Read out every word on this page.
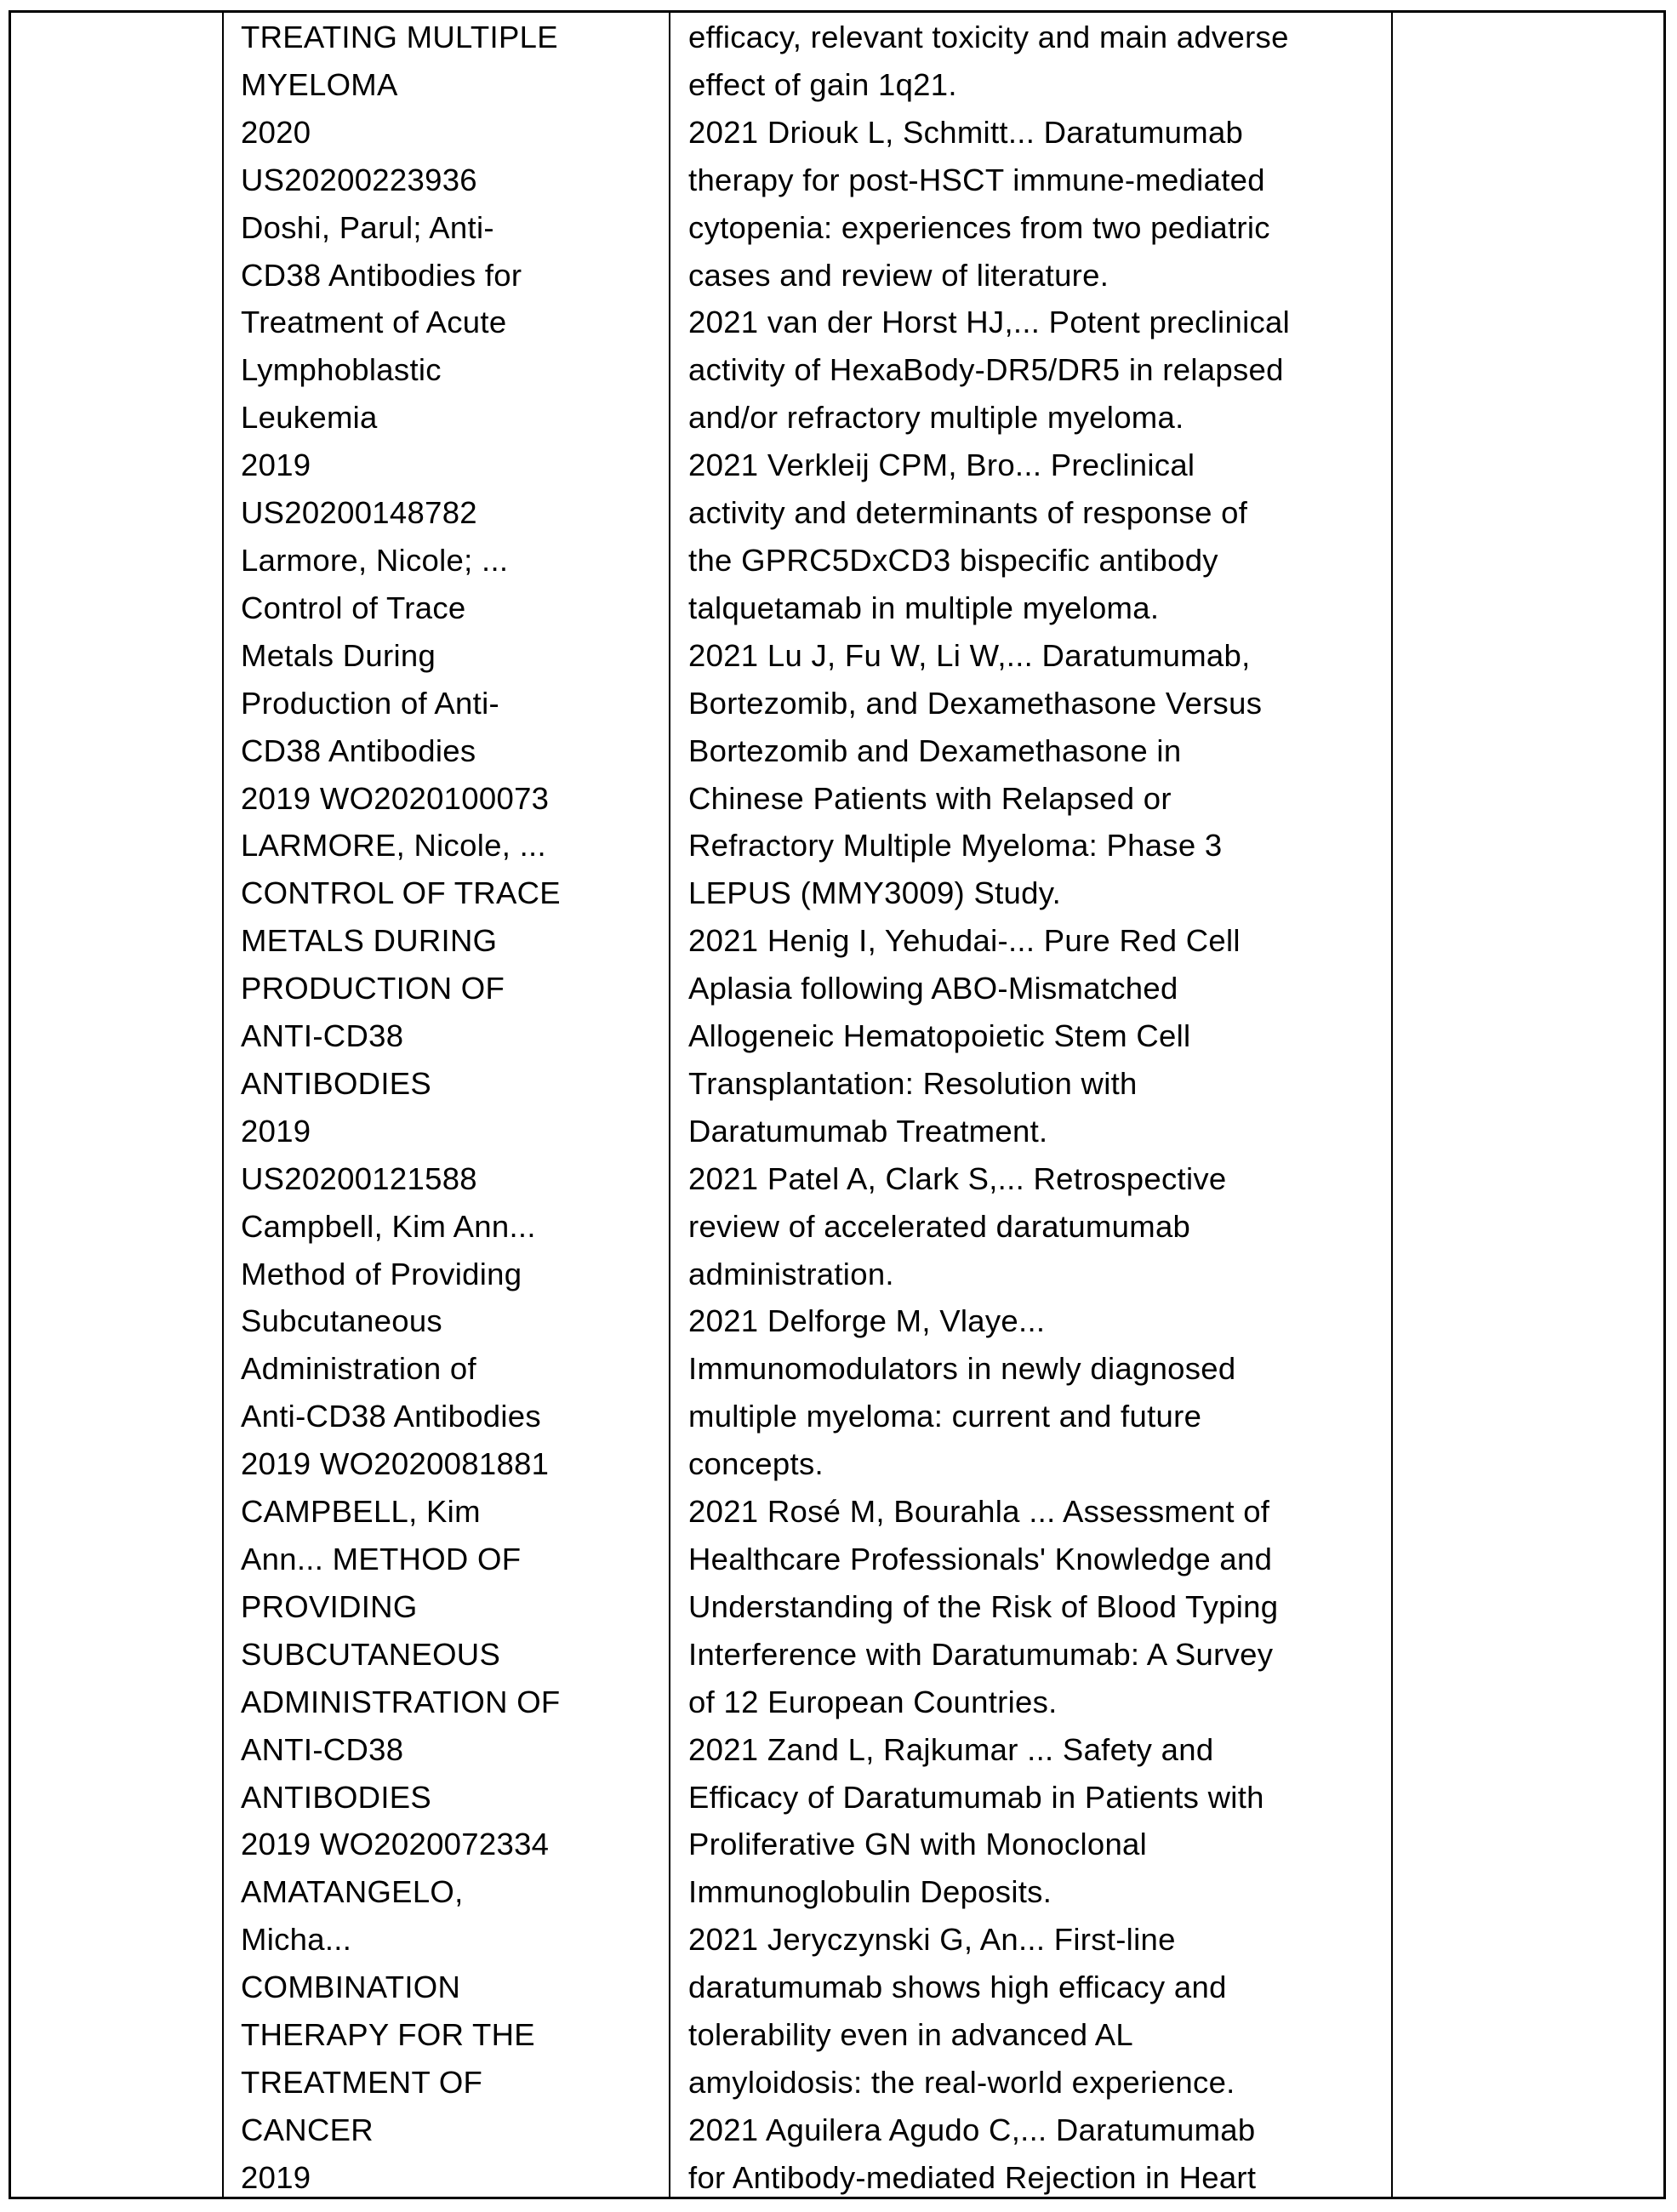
TREATING MULTIPLE
MYELOMA
2020
US20200223936
Doshi, Parul; Anti-
CD38 Antibodies for
Treatment of Acute
Lymphoblastic
Leukemia
2019
US20200148782
Larmore, Nicole; ...
Control of Trace
Metals During
Production of Anti-
CD38 Antibodies
2019 WO2020100073
LARMORE, Nicole, ...
CONTROL OF TRACE
METALS DURING
PRODUCTION OF
ANTI-CD38
ANTIBODIES
2019
US20200121588
Campbell, Kim Ann...
Method of Providing
Subcutaneous
Administration of
Anti-CD38 Antibodies
2019 WO2020081881
CAMPBELL, Kim
Ann... METHOD OF
PROVIDING
SUBCUTANEOUS
ADMINISTRATION OF
ANTI-CD38
ANTIBODIES
2019 WO2020072334
AMATANGELO,
Micha...
COMBINATION
THERAPY FOR THE
TREATMENT OF
CANCER
2019
efficacy, relevant toxicity and main adverse
effect of gain 1q21.
2021 Driouk L, Schmitt... Daratumumab
therapy for post-HSCT immune-mediated
cytopenia: experiences from two pediatric
cases and review of literature.
2021 van der Horst HJ,... Potent preclinical
activity of HexaBody-DR5/DR5 in relapsed
and/or refractory multiple myeloma.
2021 Verkleij CPM, Bro... Preclinical
activity and determinants of response of
the GPRC5DxCD3 bispecific antibody
talquetamab in multiple myeloma.
2021 Lu J, Fu W, Li W,... Daratumumab,
Bortezomib, and Dexamethasone Versus
Bortezomib and Dexamethasone in
Chinese Patients with Relapsed or
Refractory Multiple Myeloma: Phase 3
LEPUS (MMY3009) Study.
2021 Henig I, Yehudai-... Pure Red Cell
Aplasia following ABO-Mismatched
Allogeneic Hematopoietic Stem Cell
Transplantation: Resolution with
Daratumumab Treatment.
2021 Patel A, Clark S,... Retrospective
review of accelerated daratumumab
administration.
2021 Delforge M, Vlaye...
Immunomodulators in newly diagnosed
multiple myeloma: current and future
concepts.
2021 Rosé M, Bourahla ... Assessment of
Healthcare Professionals' Knowledge and
Understanding of the Risk of Blood Typing
Interference with Daratumumab: A Survey
of 12 European Countries.
2021 Zand L, Rajkumar ... Safety and
Efficacy of Daratumumab in Patients with
Proliferative GN with Monoclonal
Immunoglobulin Deposits.
2021 Jeryczynski G, An... First-line
daratumumab shows high efficacy and
tolerability even in advanced AL
amyloidosis: the real-world experience.
2021 Aguilera Agudo C,... Daratumumab
for Antibody-mediated Rejection in Heart
